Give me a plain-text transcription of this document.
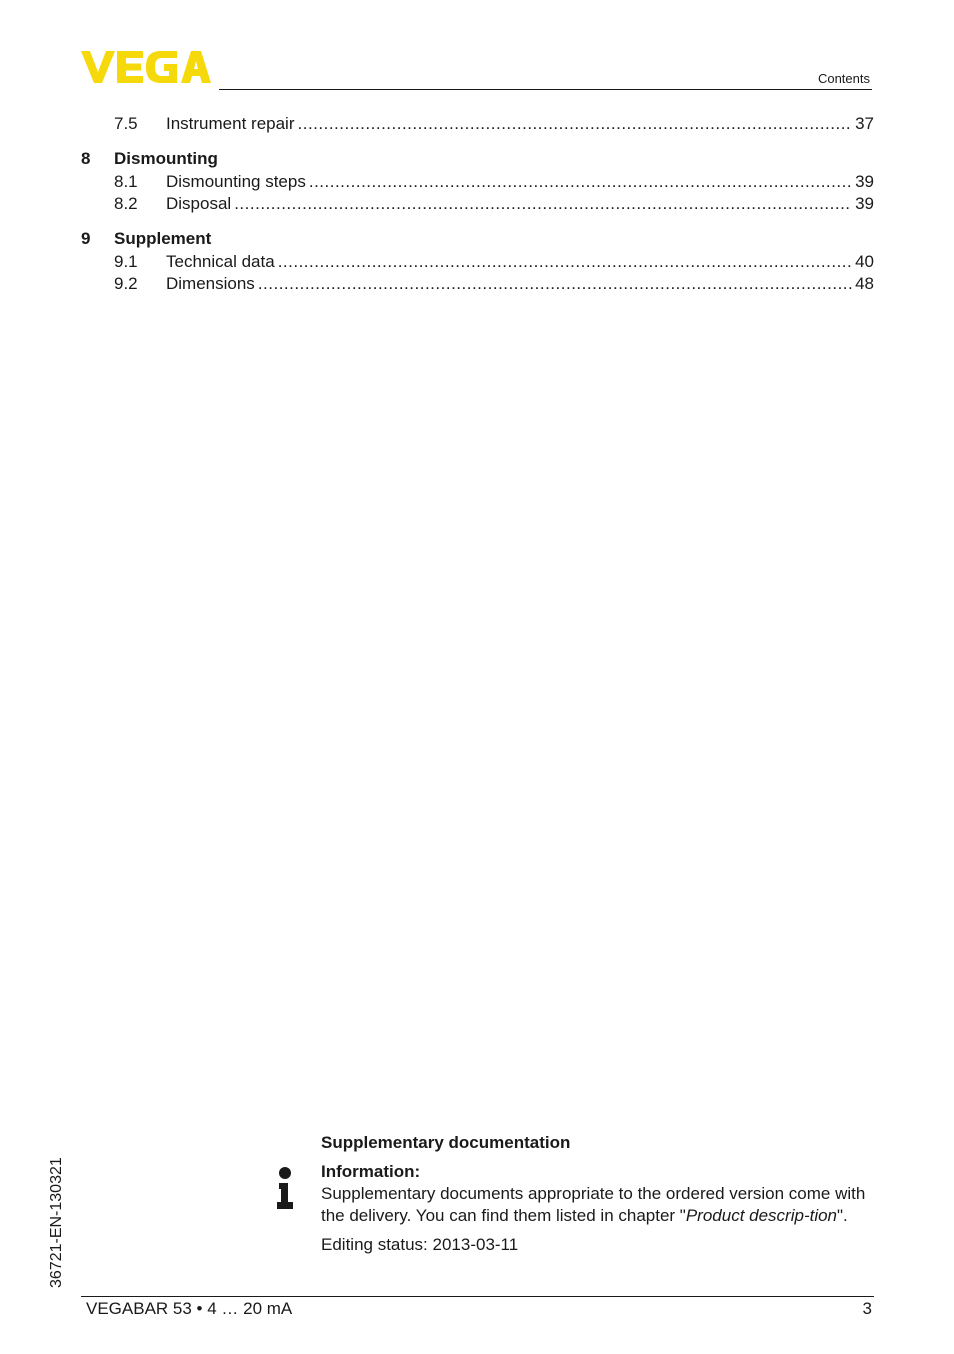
Contents
7.5	Instrument repair .....	37
8	Dismounting
8.1	Dismounting steps .....	39
8.2	Disposal .....	39
9	Supplement
9.1	Technical data .....	40
9.2	Dimensions .....	48
36721-EN-130321
Supplementary documentation
Information:
Supplementary documents appropriate to the ordered version come with the delivery. You can find them listed in chapter "Product descrip-tion".
Editing status: 2013-03-11
VEGABAR 53 • 4 … 20 mA	3
